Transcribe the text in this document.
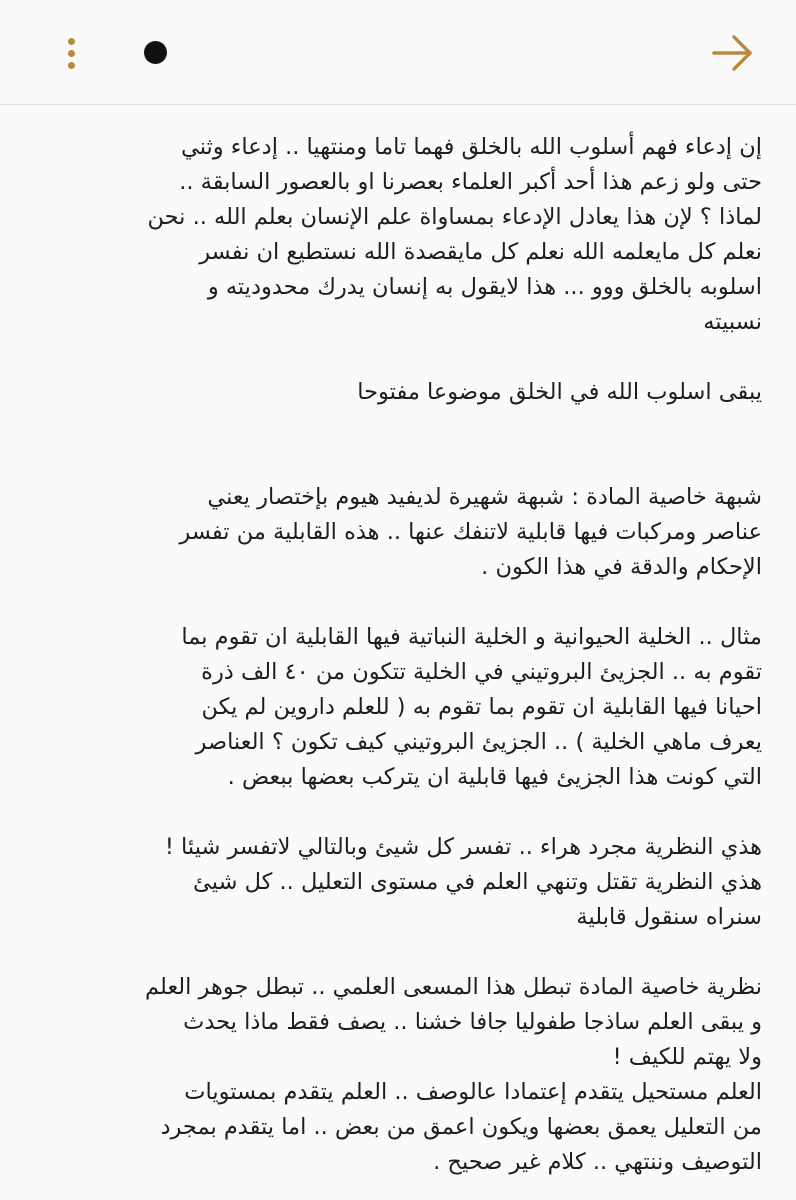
إن إدعاء فهم أسلوب الله بالخلق فهما تاما ومنتهيا .. إدعاء وثني
حتى ولو زعم هذا أحد أكبر العلماء بعصرنا او بالعصور السابقة ..
لماذا ؟ لإن هذا يعادل الإدعاء بمساواة علم الإنسان بعلم الله .. نحن
نعلم كل مايعلمه الله نعلم كل مايقصدة الله نستطيع ان نفسر
اسلوبه بالخلق ووو ... هذا لايقول به إنسان يدرك محدوديته و
نسبيته

يبقى اسلوب الله في الخلق موضوعا مفتوحا

شبهة خاصية المادة : شبهة شهيرة لديفيد هيوم بإختصار يعني
عناصر ومركبات فيها قابلية لاتنفك عنها .. هذه القابلية من تفسر
الإحكام والدقة في هذا الكون .

مثال .. الخلية الحيوانية و الخلية النباتية فيها القابلية ان تقوم بما
تقوم به .. الجزيئ البروتيني في الخلية تتكون من ٤٠ الف ذرة
احيانا فيها القابلية ان تقوم بما تقوم به ( للعلم داروين لم يكن
يعرف ماهي الخلية ) .. الجزيئ البروتيني كيف تكون ؟ العناصر
التي كونت هذا الجزيئ فيها قابلية ان يتركب بعضها ببعض .

هذي النظرية مجرد هراء .. تفسر كل شيئ وبالتالي لاتفسر شيئا !
هذي النظرية تقتل وتنهي العلم في مستوى التعليل .. كل شيئ
سنراه سنقول قابلية

نظرية خاصية المادة تبطل هذا المسعى العلمي .. تبطل جوهر العلم
و يبقى العلم ساذجا طفوليا جافا خشنا .. يصف فقط ماذا يحدث
ولا يهتم للكيف !
العلم مستحيل يتقدم إعتمادا عالوصف .. العلم يتقدم بمستويات
من التعليل يعمق بعضها ويكون اعمق من بعض .. اما يتقدم بمجرد
التوصيف وننتهي .. كلام غير صحيح .
